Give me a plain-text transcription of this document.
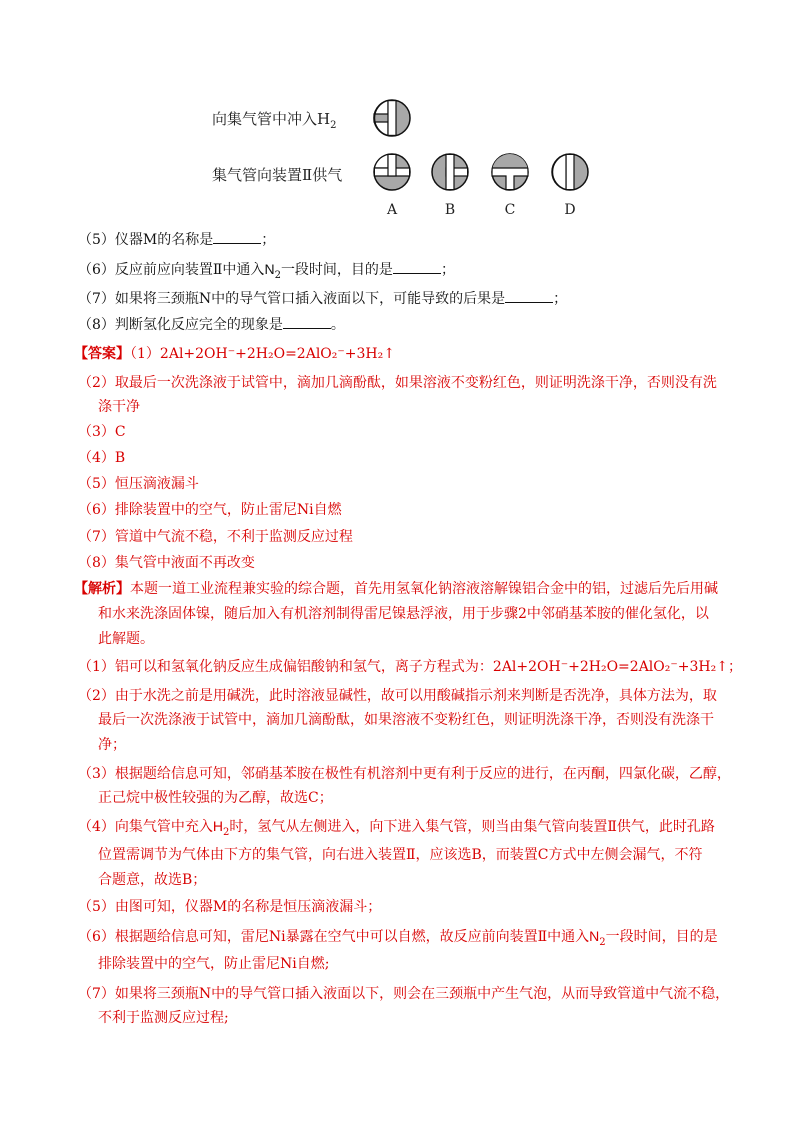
向集气管中冲入$H_2$
集气管向装置Ⅱ供气
A	B	C	D
（5）仪器M的名称是	；
（6）反应前应向装置Ⅱ中通入$N_2$一段时间，目的是	；
（7）如果将三颈瓶N中的导气管口插入液面以下，可能导致的后果是	；
（8）判断氢化反应完全的现象是	。
【答案】（1）2Al+2OH⁻+2H₂O=2AlO₂⁻+3H₂↑
（2）取最后一次洗涤液于试管中，滴加几滴酚酞，如果溶液不变粉红色，则证明洗涤干净，否则没有洗
涤干净
（3）C
（4）B
（5）恒压滴液漏斗
（6）排除装置中的空气，防止雷尼Ni自燃
（7）管道中气流不稳，不利于监测反应过程
（8）集气管中液面不再改变
【解析】本题一道工业流程兼实验的综合题，首先用氢氧化钠溶液溶解镍铝合金中的铝，过滤后先后用碱
和水来洗涤固体镍，随后加入有机溶剂制得雷尼镍悬浮液，用于步骤2中邻硝基苯胺的催化氢化，以
此解题。
（1）铝可以和氢氧化钠反应生成偏铝酸钠和氢气，离子方程式为：2Al+2OH⁻+2H₂O=2AlO₂⁻+3H₂↑；
（2）由于水洗之前是用碱洗，此时溶液显碱性，故可以用酸碱指示剂来判断是否洗净，具体方法为，取
最后一次洗涤液于试管中，滴加几滴酚酞，如果溶液不变粉红色，则证明洗涤干净，否则没有洗涤干
净；
（3）根据题给信息可知，邻硝基苯胺在极性有机溶剂中更有利于反应的进行，在丙酮，四氯化碳，乙醇，
正己烷中极性较强的为乙醇，故选C；
（4）向集气管中充入$H_2$时，氢气从左侧进入，向下进入集气管，则当由集气管向装置Ⅱ供气，此时孔路
位置需调节为气体由下方的集气管，向右进入装置Ⅱ，应该选B，而装置C方式中左侧会漏气，不符
合题意，故选B；
（5）由图可知，仪器M的名称是恒压滴液漏斗；
（6）根据题给信息可知，雷尼Ni暴露在空气中可以自燃，故反应前向装置Ⅱ中通入$N_2$一段时间，目的是
排除装置中的空气，防止雷尼Ni自燃;
（7）如果将三颈瓶N中的导气管口插入液面以下，则会在三颈瓶中产生气泡，从而导致管道中气流不稳，
不利于监测反应过程;
